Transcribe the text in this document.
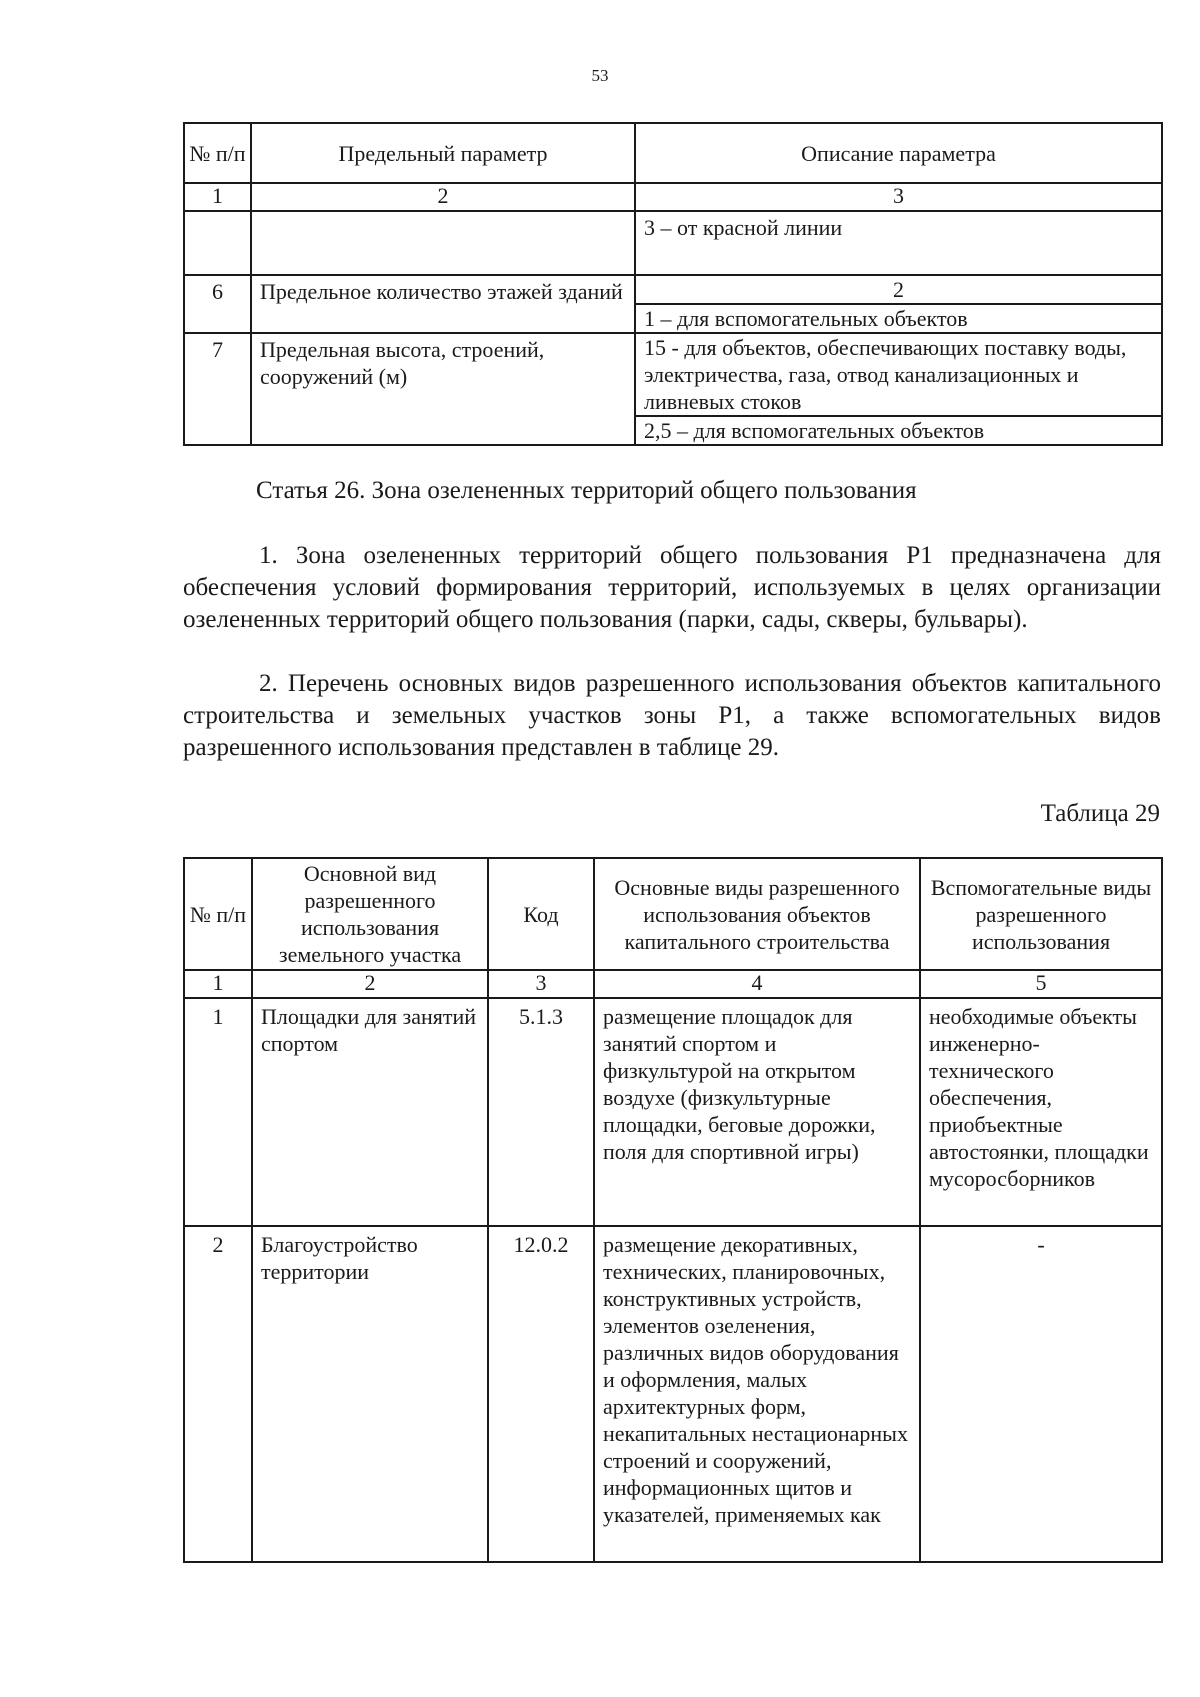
53
№ п/п	Предельный параметр	Описание параметра
1	2	3
		3 – от красной линии
6	Предельное количество этажей зданий	2
1 – для вспомогательных объектов

7	Предельная высота, строений, сооружений (м)	15 - для объектов, обеспечивающих поставку воды, электричества, газа, отвод канализационных и ливневых стоков
2,5 – для вспомогательных объектов
Статья 26. Зона озелененных территорий общего пользования
1. Зона озелененных территорий общего пользования Р1 предназначена для обеспечения условий формирования территорий, используемых в целях организации озелененных территорий общего пользования (парки, сады, скверы, бульвары).
2. Перечень основных видов разрешенного использования объектов капитального строительства и земельных участков зоны Р1, а также вспомогательных видов разрешенного использования представлен в таблице 29.
Таблица 29
№ п/п	Основной вид разрешенного использования земельного участка	Код	Основные виды разрешенного использования объектов капитального строительства	Вспомогательные виды разрешенного использования
1	2	3	4	5
1	Площадки для занятий спортом	5.1.3	размещение площадок для занятий спортом и физкультурой на открытом воздухе (физкультурные площадки, беговые дорожки, поля для спортивной игры)	необходимые объекты инженерно-технического обеспечения, приобъектные автостоянки, площадки мусоросборников
2	Благоустройство территории	12.0.2	размещение декоративных, технических, планировочных, конструктивных устройств, элементов озеленения, различных видов оборудования и оформления, малых архитектурных форм, некапитальных нестационарных строений и сооружений, информационных щитов и указателей, применяемых как	-
